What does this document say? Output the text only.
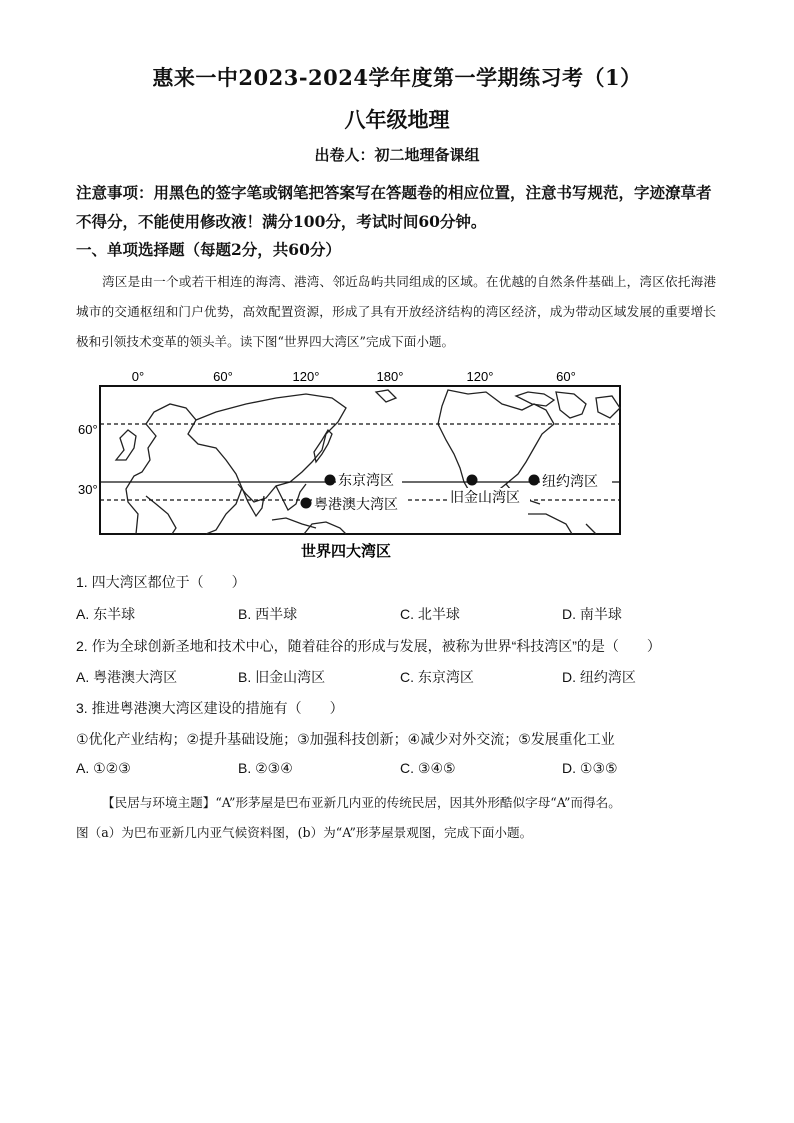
惠来一中2023-2024学年度第一学期练习考（1）
八年级地理
出卷人：初二地理备课组
注意事项：用黑色的签字笔或钢笔把答案写在答题卷的相应位置，注意书写规范，字迹潦草者不得分，不能使用修改液！满分100分，考试时间60分钟。
一、单项选择题（每题2分，共60分）
湾区是由一个或若干相连的海湾、港湾、邻近岛屿共同组成的区域。在优越的自然条件基础上，湾区依托海港城市的交通枢纽和门户优势，高效配置资源，形成了具有开放经济结构的湾区经济，成为带动区域发展的重要增长极和引领技术变革的领头羊。读下图“世界四大湾区”完成下面小题。
0°	60°	120°	180°	120°	60°
60°
30°
东京湾区
粤港澳大湾区	旧金山湾区
纽约湾区
世界四大湾区
1. 四大湾区都位于（　　）
A. 东半球	B. 西半球	C. 北半球	D. 南半球
2. 作为全球创新圣地和技术中心，随着硅谷的形成与发展，被称为世界“科技湾区”的是（　　）
A. 粤港澳大湾区	B. 旧金山湾区	C. 东京湾区	D. 纽约湾区
3. 推进粤港澳大湾区建设的措施有（　　）
①优化产业结构；②提升基础设施；③加强科技创新；④减少对外交流；⑤发展重化工业
A. ①②③	B. ②③④	C. ③④⑤	D. ①③⑤
【民居与环境主题】“A”形茅屋是巴布亚新几内亚的传统民居，因其外形酷似字母“A”而得名。
图（a）为巴布亚新几内亚气候资料图，(b）为“A”形茅屋景观图，完成下面小题。
